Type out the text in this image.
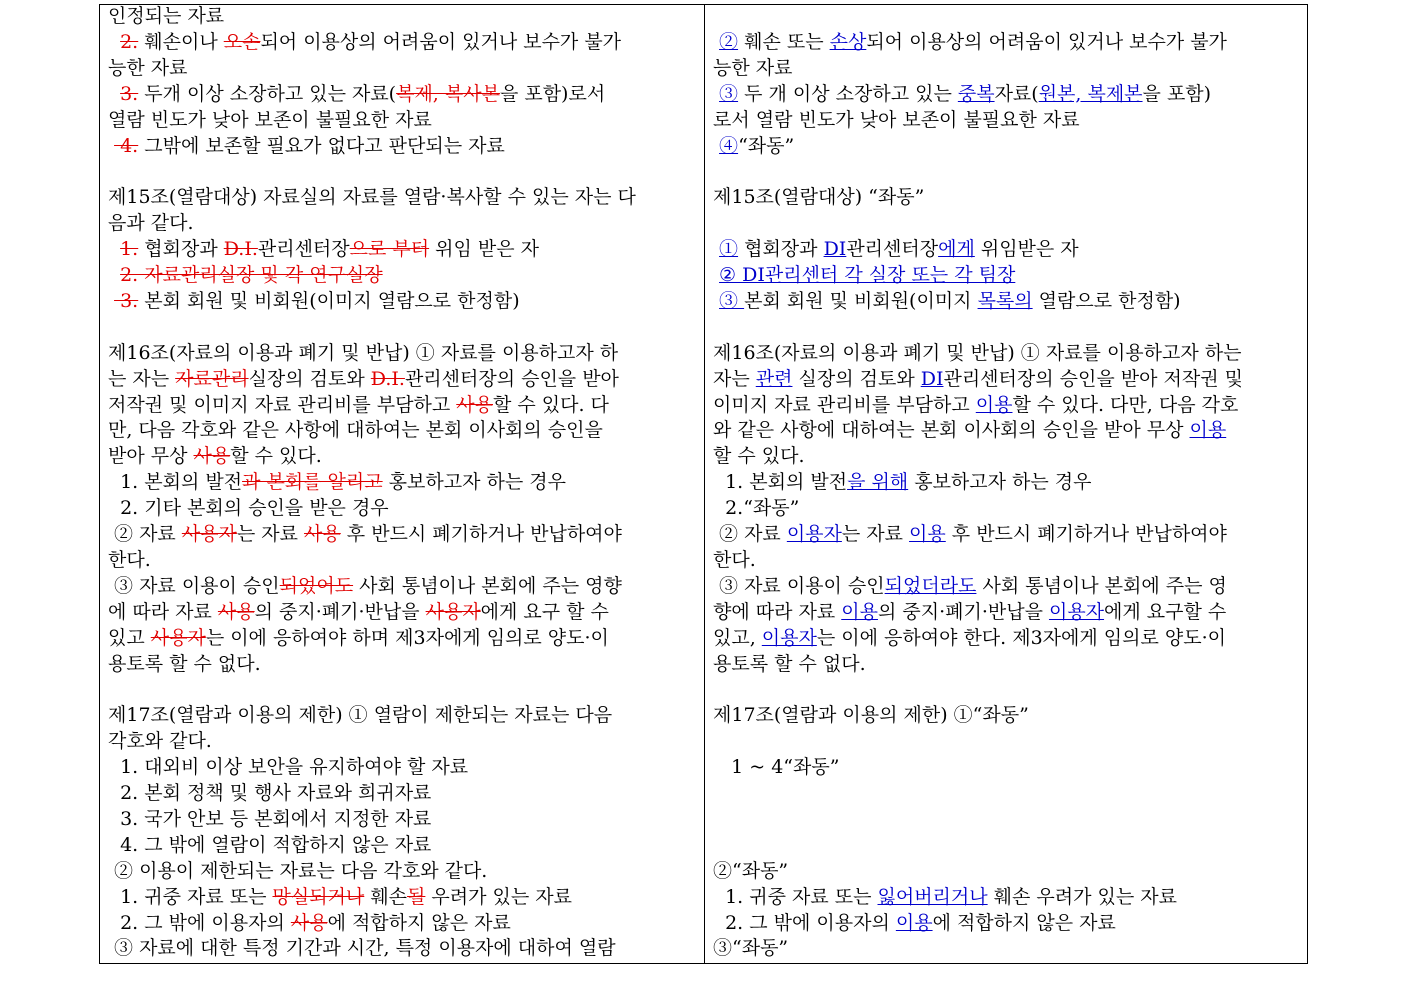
인정되는 자료
2. 훼손이나 오손되어 이용상의 어려움이 있거나 보수가 불가
능한 자료
3. 두개 이상 소장하고 있는 자료(복제, 복사본을 포함)로서
열람 빈도가 낮아 보존이 불필요한 자료
4. 그밖에 보존할 필요가 없다고 판단되는 자료
제15조(열람대상) 자료실의 자료를 열람·복사할 수 있는 자는 다
음과 같다.
1. 협회장과 D.I.관리센터장으로 부터 위임 받은 자
2. 자료관리실장 및 각 연구실장
3. 본회 회원 및 비회원(이미지 열람으로 한정함)
제16조(자료의 이용과 폐기 및 반납) ① 자료를 이용하고자 하
는 자는 자료관리실장의 검토와 D.I.관리센터장의 승인을 받아
저작권 및 이미지 자료 관리비를 부담하고 사용할 수 있다. 다
만, 다음 각호와 같은 사항에 대하여는 본회 이사회의 승인을
받아 무상 사용할 수 있다.
1. 본회의 발전과 본회를 알리고 홍보하고자 하는 경우
2. 기타 본회의 승인을 받은 경우
② 자료 사용자는 자료 사용 후 반드시 폐기하거나 반납하여야
한다.
③ 자료 이용이 승인되었어도 사회 통념이나 본회에 주는 영향
에 따라 자료 사용의 중지·폐기·반납을 사용자에게 요구 할 수
있고 사용자는 이에 응하여야 하며 제3자에게 임의로 양도·이
용토록 할 수 없다.
제17조(열람과 이용의 제한) ① 열람이 제한되는 자료는 다음
각호와 같다.
1. 대외비 이상 보안을 유지하여야 할 자료
2. 본회 정책 및 행사 자료와 희귀자료
3. 국가 안보 등 본회에서 지정한 자료
4. 그 밖에 열람이 적합하지 않은 자료
② 이용이 제한되는 자료는 다음 각호와 같다.
1. 귀중 자료 또는 망실되거나 훼손될 우려가 있는 자료
2. 그 밖에 이용자의 사용에 적합하지 않은 자료
③ 자료에 대한 특정 기간과 시간, 특정 이용자에 대하여 열람
② 훼손 또는 손상되어 이용상의 어려움이 있거나 보수가 불가
능한 자료
③ 두 개 이상 소장하고 있는 중복자료(원본, 복제본을 포함)
로서 열람 빈도가 낮아 보존이 불필요한 자료
④“좌동”
제15조(열람대상) “좌동”
① 협회장과 DI관리센터장에게 위임받은 자
② DI관리센터 각 실장 또는 각 팀장
③ 본회 회원 및 비회원(이미지 목록의 열람으로 한정함)
제16조(자료의 이용과 폐기 및 반납) ① 자료를 이용하고자 하는
자는 관련 실장의 검토와 DI관리센터장의 승인을 받아 저작권 및
이미지 자료 관리비를 부담하고 이용할 수 있다. 다만, 다음 각호
와 같은 사항에 대하여는 본회 이사회의 승인을 받아 무상 이용
할 수 있다.
1. 본회의 발전을 위해 홍보하고자 하는 경우
2.“좌동”
② 자료 이용자는 자료 이용 후 반드시 폐기하거나 반납하여야
한다.
③ 자료 이용이 승인되었더라도 사회 통념이나 본회에 주는 영
향에 따라 자료 이용의 중지·폐기·반납을 이용자에게 요구할 수
있고, 이용자는 이에 응하여야 한다. 제3자에게 임의로 양도·이
용토록 할 수 없다.
제17조(열람과 이용의 제한) ①“좌동”
1 ~ 4“좌동”
②“좌동”
1. 귀중 자료 또는 잃어버리거나 훼손 우려가 있는 자료
2. 그 밖에 이용자의 이용에 적합하지 않은 자료
③“좌동”
